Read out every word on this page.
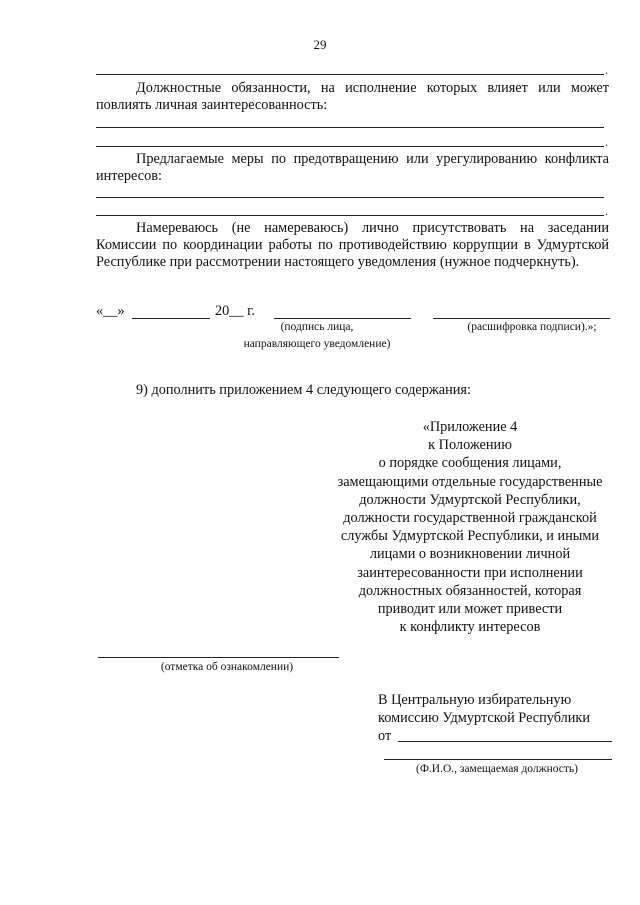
29
.
Должностные обязанности, на исполнение которых влияет или может повлиять личная заинтересованность:
.
Предлагаемые меры по предотвращению или урегулированию конфликта интересов:
.
Намереваюсь (не намереваюсь) лично присутствовать на заседании Комиссии по координации работы по противодействию коррупции в Удмуртской Республике при рассмотрении настоящего уведомления (нужное подчеркнуть).
«__»	20__ г.
(подпись лица,
направляющего уведомление)
(расшифровка подписи).»;
9) дополнить приложением 4 следующего содержания:
«Приложение 4
к Положению
о порядке сообщения лицами,
замещающими отдельные государственные
должности Удмуртской Республики,
должности государственной гражданской
службы Удмуртской Республики, и иными
лицами о возникновении личной
заинтересованности при исполнении
должностных обязанностей, которая
приводит или может привести
к конфликту интересов
(отметка об ознакомлении)
В Центральную избирательную
комиссию Удмуртской Республики
от
(Ф.И.О., замещаемая должность)
